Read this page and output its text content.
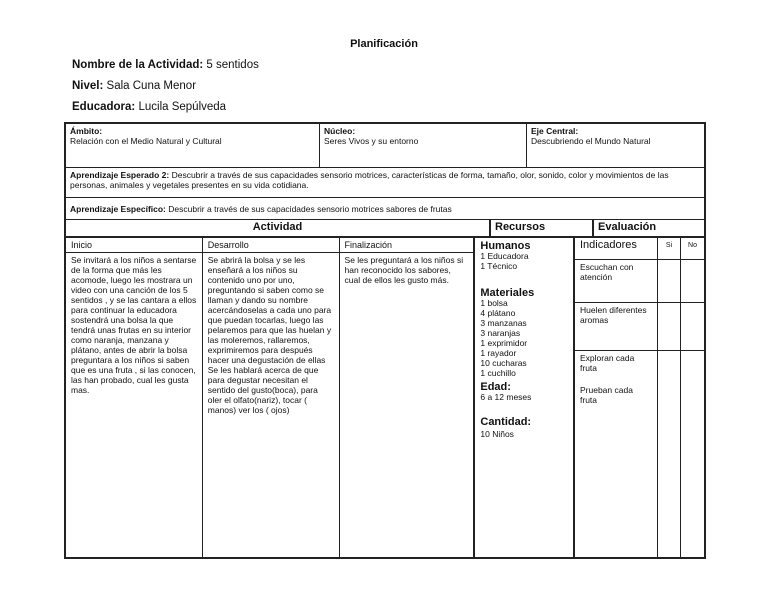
Planificación
Nombre de la Actividad: 5 sentidos
Nivel: Sala Cuna Menor
Educadora: Lucila Sepúlveda
Ámbito:
Relación con el Medio Natural y Cultural
Núcleo:
Seres Vivos y su entorno
Eje Central:
Descubriendo el Mundo Natural
Aprendizaje Esperado 2: Descubrir a través de sus capacidades sensorio motrices, características de forma, tamaño, olor, sonido, color y movimientos de las personas, animales y vegetales presentes en su vida cotidiana.
Aprendizaje Específico: Descubrir a través de sus capacidades sensorio motrices sabores de frutas
Actividad	Recursos	Evaluación
Inicio
Se invitará a los niños a sentarse de la forma que más les acomode, luego les mostrara un video con una canción de los 5 sentidos , y se las cantara a ellos para continuar la educadora sostendrá una bolsa la que tendrá unas frutas en su interior como naranja, manzana y plátano, antes de abrir la bolsa preguntara a los niños si saben que es una fruta , si las conocen, las han probado, cual les gusta mas.
Desarrollo
Se abrirá la bolsa y se les enseñará a los niños su contenido uno por uno, preguntando si saben como se llaman y dando su nombre acercándoselas a cada uno para que puedan tocarlas, luego las pelaremos para que las huelan y las moleremos, rallaremos, exprimiremos para después hacer una degustación de ellas
Se les hablará acerca de que para degustar necesitan el sentido del gusto(boca), para oler el olfato(nariz), tocar ( manos) ver los ( ojos)
Finalización
Se les preguntará a los niños si han reconocido los sabores, cual de ellos les gusto más.
Humanos
1 Educadora
1 Técnico
Materiales
1 bolsa
4 plátano
3 manzanas
3 naranjas
1 exprimidor
1 rayador
10 cucharas
1 cuchillo
Edad:
6 a 12 meses
Cantidad:
10 Niños
Indicadores	Si	No
Escuchan con atención
Huelen diferentes aromas
Exploran cada fruta
Prueban cada fruta
